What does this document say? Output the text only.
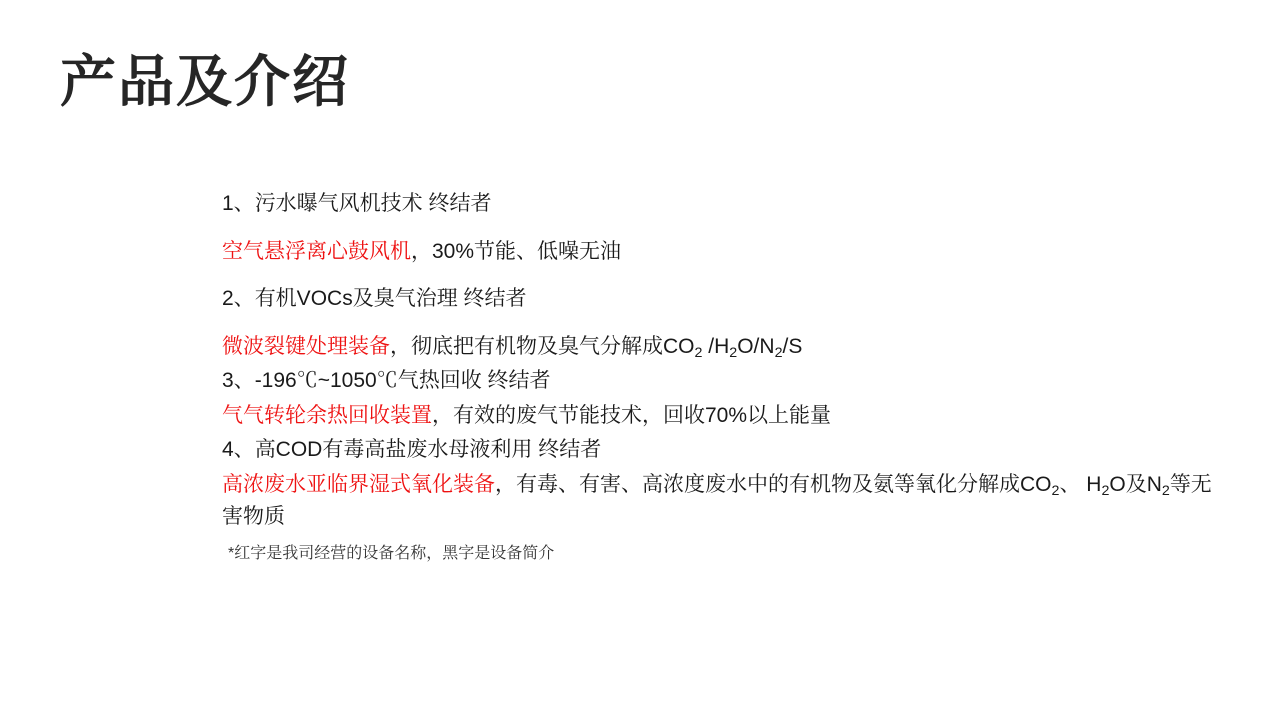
产品及介绍

1、污水曝气风机技术 终结者

空气悬浮离心鼓风机，30%节能、低噪无油

2、有机VOCs及臭气治理 终结者

微波裂键处理装备，彻底把有机物及臭气分解成$CO_2$ $/H_2O/N_2/S$

3、-196℃~1050℃气热回收 终结者

气气转轮余热回收装置，有效的废气节能技术，回收70%以上能量

4、高COD有毒高盐废水母液利用 终结者

高浓废水亚临界湿式氧化装备，有毒、有害、高浓度废水中的有机物及氨等氧化分解成$CO_2$、 $H_2O$及$N_2$等无害物质

*红字是我司经营的设备名称，黑字是设备简介
